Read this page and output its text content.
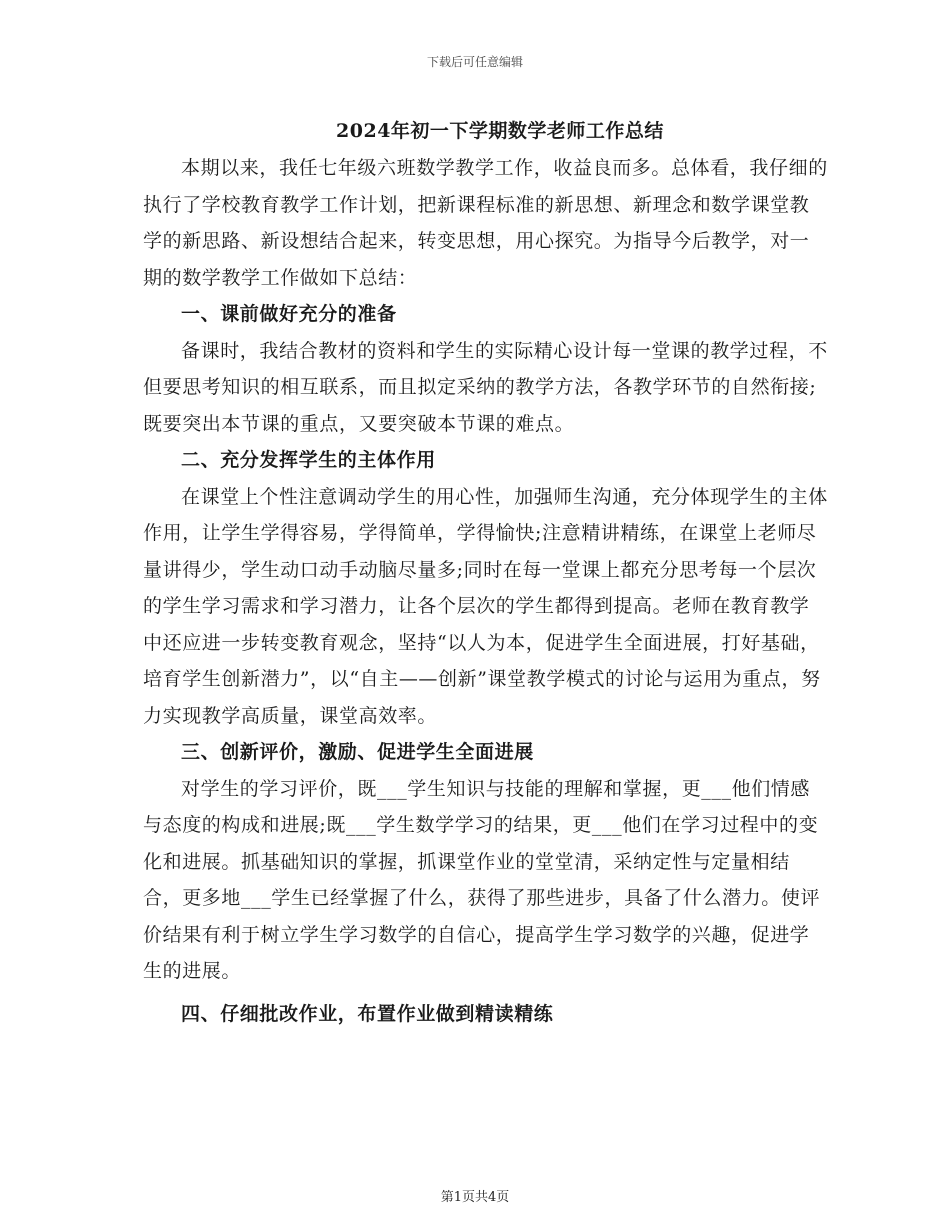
下载后可任意编辑
2024年初一下学期数学老师工作总结

本期以来，我任七年级六班数学教学工作，收益良而多。总体看，我仔细的执行了学校教育教学工作计划，把新课程标准的新思想、新理念和数学课堂教学的新思路、新设想结合起来，转变思想，用心探究。为指导今后教学，对一期的数学教学工作做如下总结：

一、课前做好充分的准备

备课时，我结合教材的资料和学生的实际精心设计每一堂课的教学过程，不但要思考知识的相互联系，而且拟定采纳的教学方法，各教学环节的自然衔接;既要突出本节课的重点，又要突破本节课的难点。

二、充分发挥学生的主体作用

在课堂上个性注意调动学生的用心性，加强师生沟通，充分体现学生的主体作用，让学生学得容易，学得简单，学得愉快;注意精讲精练，在课堂上老师尽量讲得少，学生动口动手动脑尽量多;同时在每一堂课上都充分思考每一个层次的学生学习需求和学习潜力，让各个层次的学生都得到提高。老师在教育教学中还应进一步转变教育观念，坚持“以人为本，促进学生全面进展，打好基础，培育学生创新潜力”，以“自主——创新”课堂教学模式的讨论与运用为重点，努力实现教学高质量，课堂高效率。

三、创新评价，激励、促进学生全面进展

对学生的学习评价，既___学生知识与技能的理解和掌握，更___他们情感与态度的构成和进展;既___学生数学学习的结果，更___他们在学习过程中的变化和进展。抓基础知识的掌握，抓课堂作业的堂堂清，采纳定性与定量相结合，更多地___学生已经掌握了什么，获得了那些进步，具备了什么潜力。使评价结果有利于树立学生学习数学的自信心，提高学生学习数学的兴趣，促进学生的进展。

四、仔细批改作业，布置作业做到精读精练

第1页共4页
